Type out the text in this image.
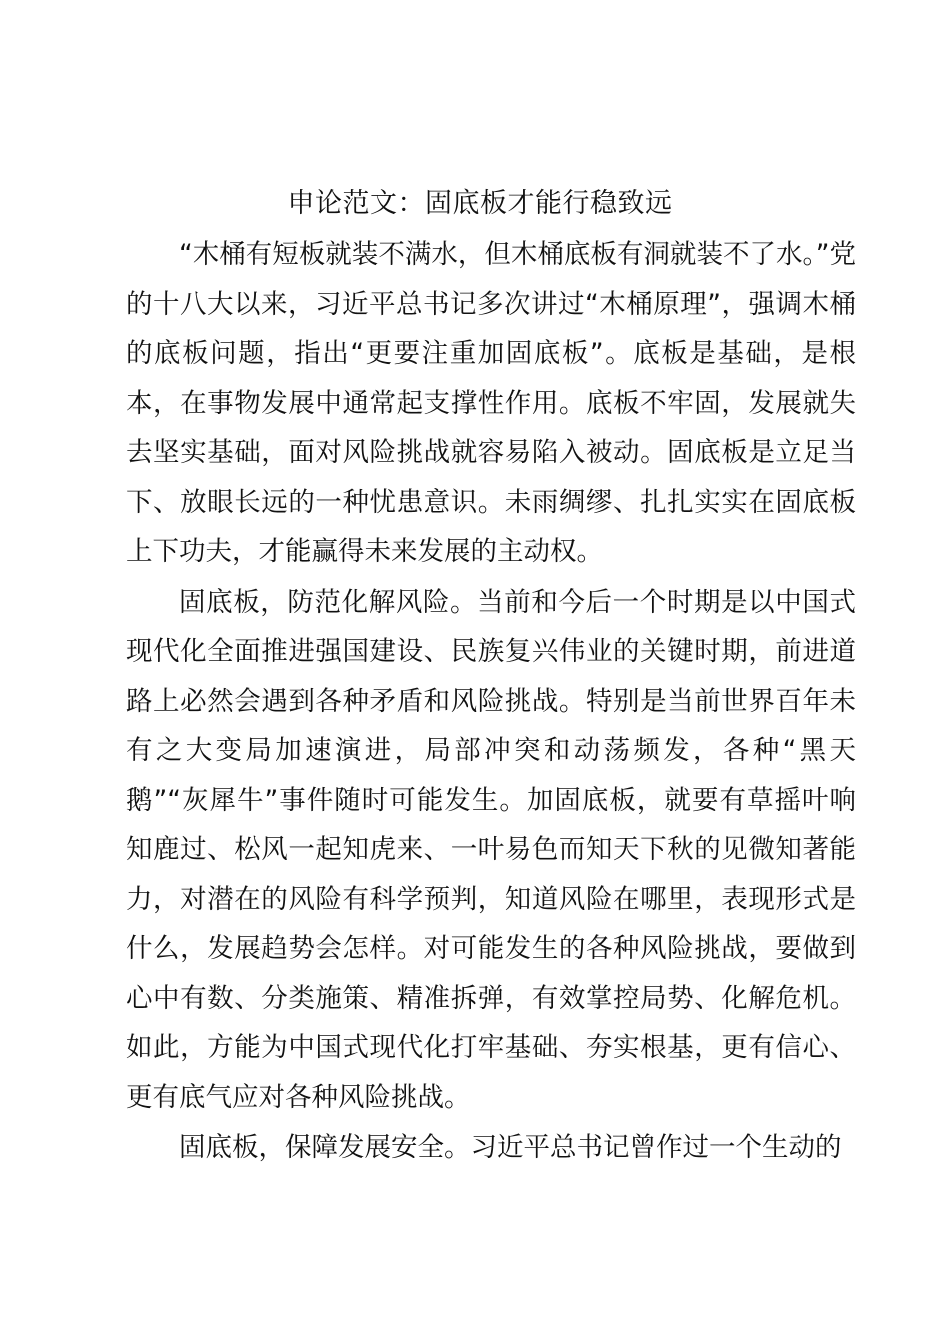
申论范文：固底板才能行稳致远

“木桶有短板就装不满水，但木桶底板有洞就装不了水。”党的十八大以来，习近平总书记多次讲过“木桶原理”，强调木桶的底板问题，指出“更要注重加固底板”。底板是基础，是根本，在事物发展中通常起支撑性作用。底板不牢固，发展就失去坚实基础，面对风险挑战就容易陷入被动。固底板是立足当下、放眼长远的一种忧患意识。未雨绸缪、扎扎实实在固底板上下功夫，才能赢得未来发展的主动权。

固底板，防范化解风险。当前和今后一个时期是以中国式现代化全面推进强国建设、民族复兴伟业的关键时期，前进道路上必然会遇到各种矛盾和风险挑战。特别是当前世界百年未有之大变局加速演进，局部冲突和动荡频发，各种“黑天鹅”“灰犀牛”事件随时可能发生。加固底板，就要有草摇叶响知鹿过、松风一起知虎来、一叶易色而知天下秋的见微知著能力，对潜在的风险有科学预判，知道风险在哪里，表现形式是什么，发展趋势会怎样。对可能发生的各种风险挑战，要做到心中有数、分类施策、精准拆弹，有效掌控局势、化解危机。如此，方能为中国式现代化打牢基础、夯实根基，更有信心、更有底气应对各种风险挑战。

固底板，保障发展安全。习近平总书记曾作过一个生动的
